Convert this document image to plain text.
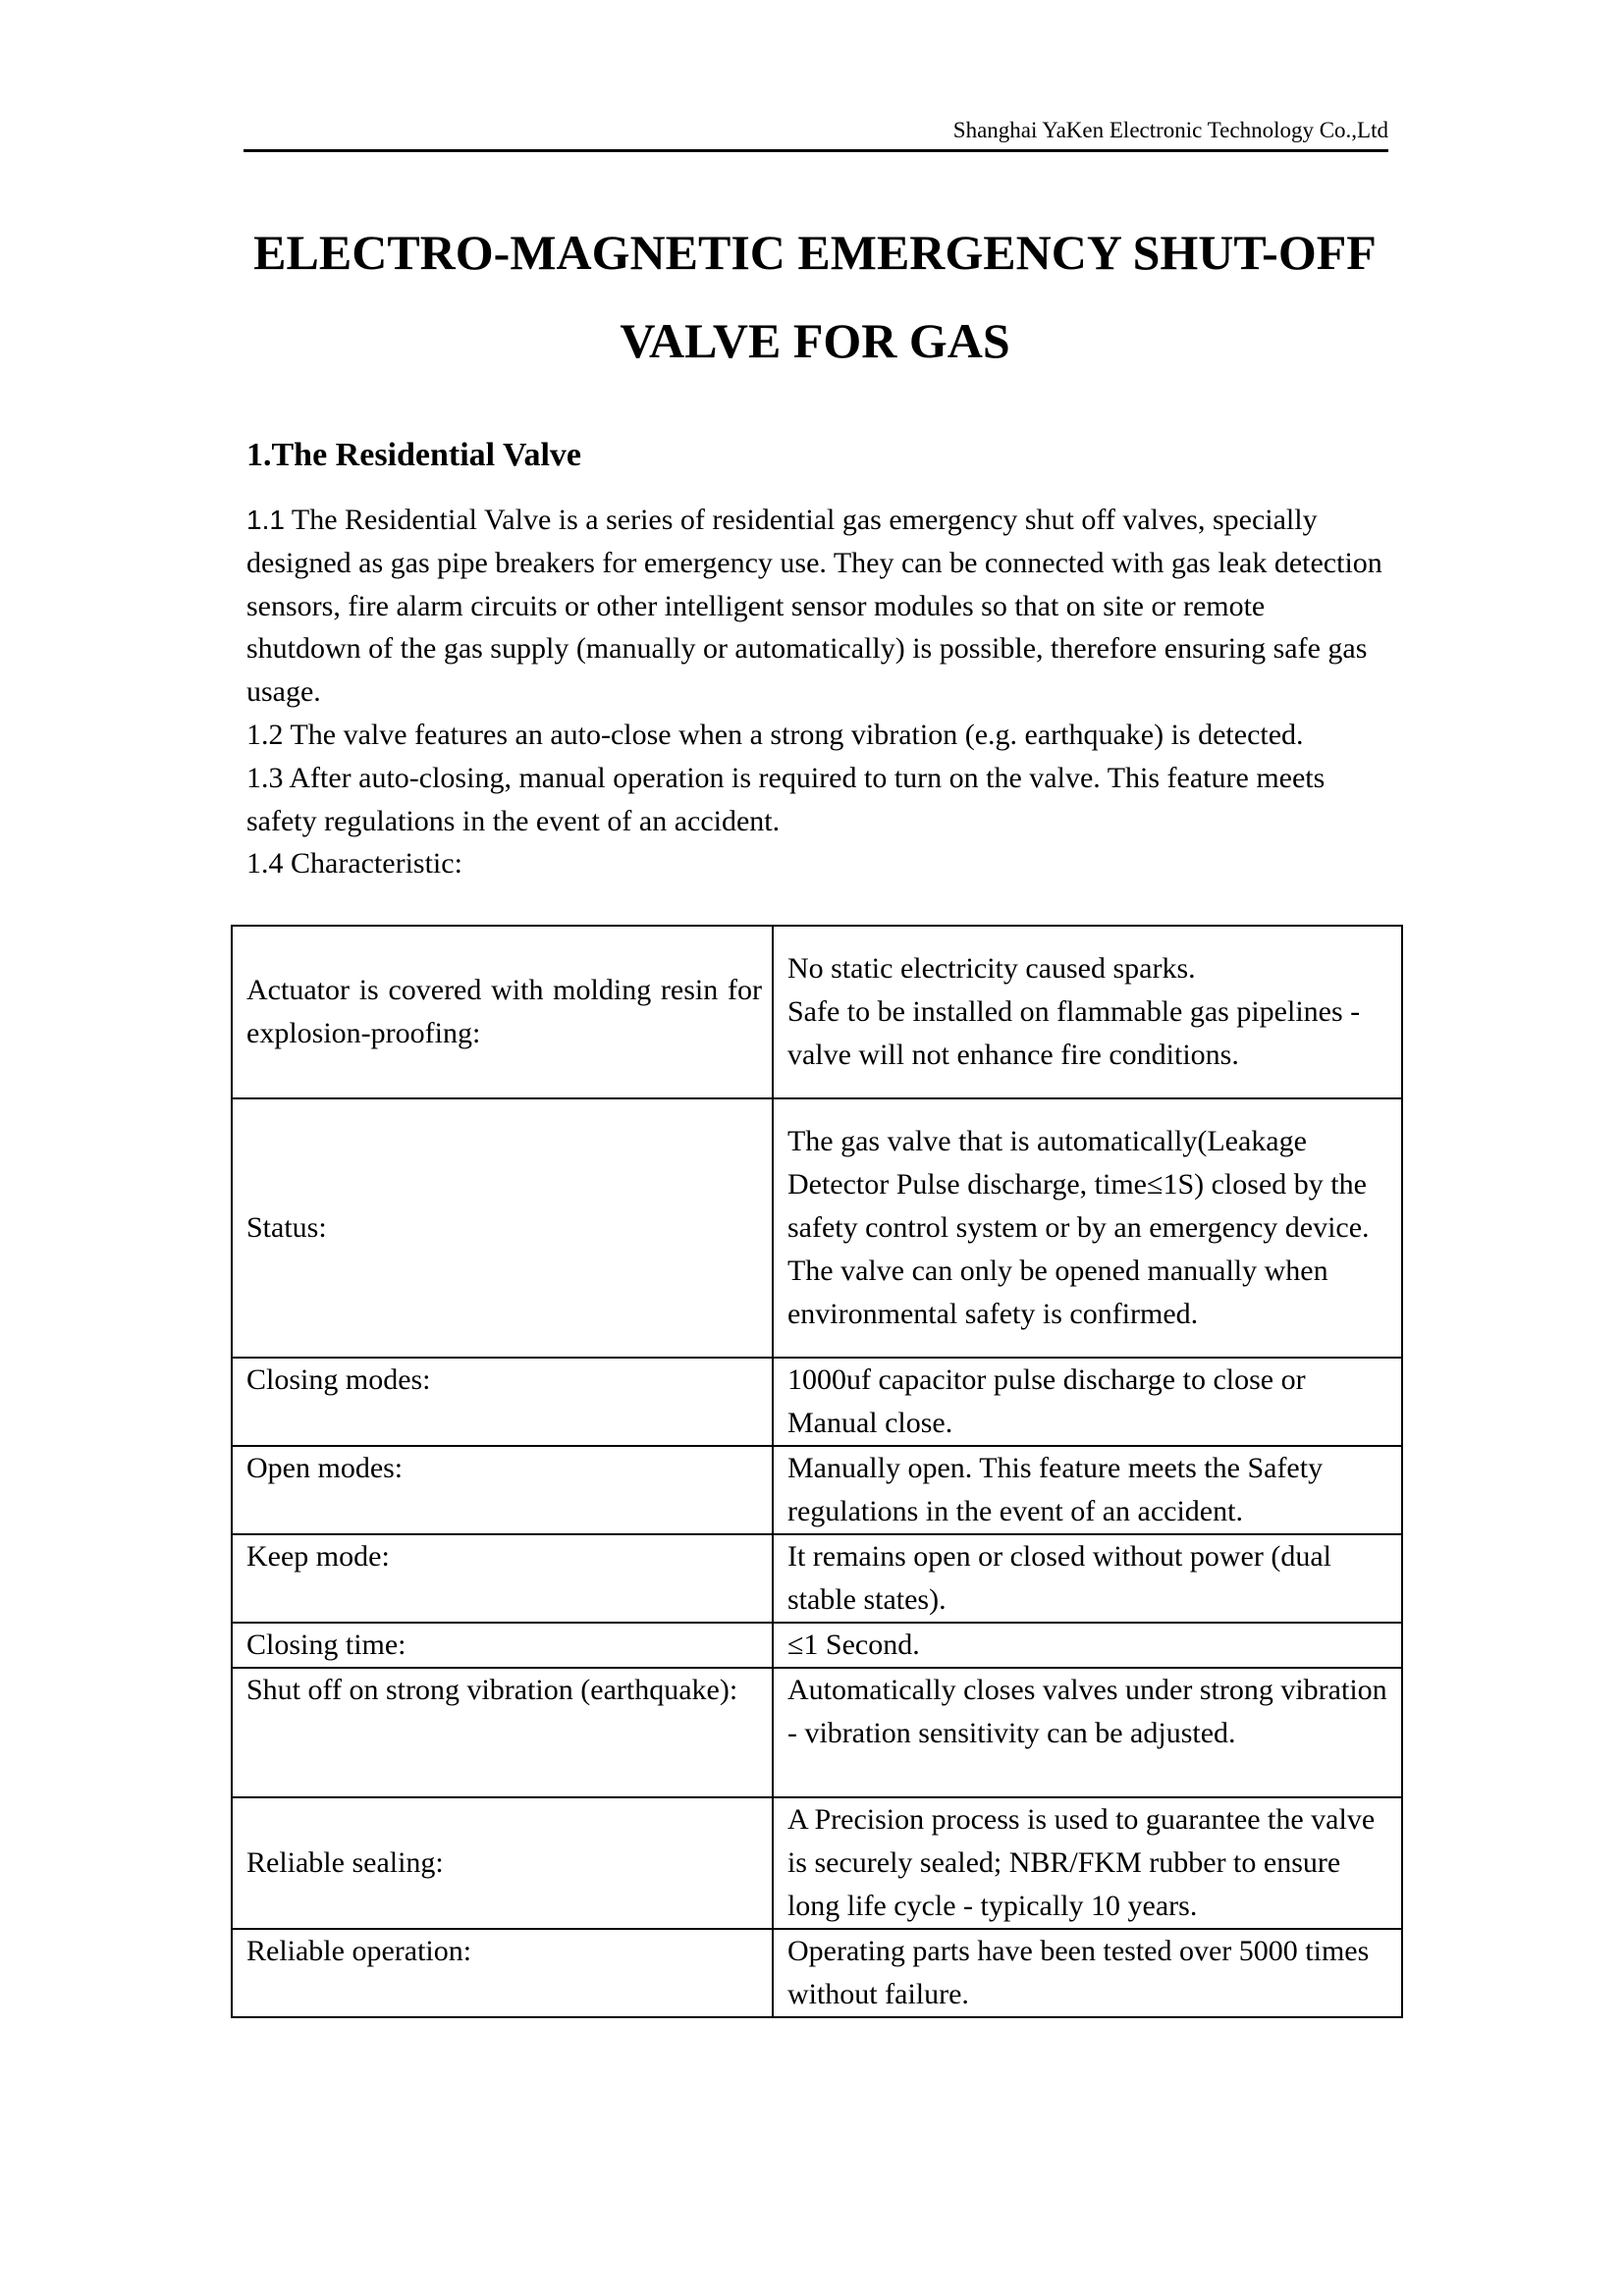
Shanghai YaKen Electronic Technology Co.,Ltd
ELECTRO-MAGNETIC EMERGENCY SHUT-OFF
VALVE FOR GAS
1.The Residential Valve

1.1 The Residential Valve is a series of residential gas emergency shut off valves, specially designed as gas pipe breakers for emergency use. They can be connected with gas leak detection sensors, fire alarm circuits or other intelligent sensor modules so that on site or remote shutdown of the gas supply (manually or automatically) is possible, therefore ensuring safe gas usage.

1.2 The valve features an auto-close when a strong vibration (e.g. earthquake) is detected.

1.3 After auto-closing, manual operation is required to turn on the valve. This feature meets safety regulations in the event of an accident.

1.4 Characteristic:

Actuator is covered with molding resin for explosion-proofing:	No static electricity caused sparks.
Safe to be installed on flammable gas pipelines - valve will not enhance fire conditions.

Status:	The gas valve that is automatically(Leakage Detector Pulse discharge, time≤1S) closed by the safety control system or by an emergency device. The valve can only be opened manually when environmental safety is confirmed.
Closing modes:	1000uf capacitor pulse discharge to close or Manual close.
Open modes:	Manually open. This feature meets the Safety regulations in the event of an accident.
Keep mode:	It remains open or closed without power (dual stable states).
Closing time:	≤1 Second.
Shut off on strong vibration (earthquake):	Automatically closes valves under strong vibration - vibration sensitivity can be adjusted.
Reliable sealing:	A Precision process is used to guarantee the valve is securely sealed; NBR/FKM rubber to ensure long life cycle - typically 10 years.
Reliable operation:	Operating parts have been tested over 5000 times without failure.
